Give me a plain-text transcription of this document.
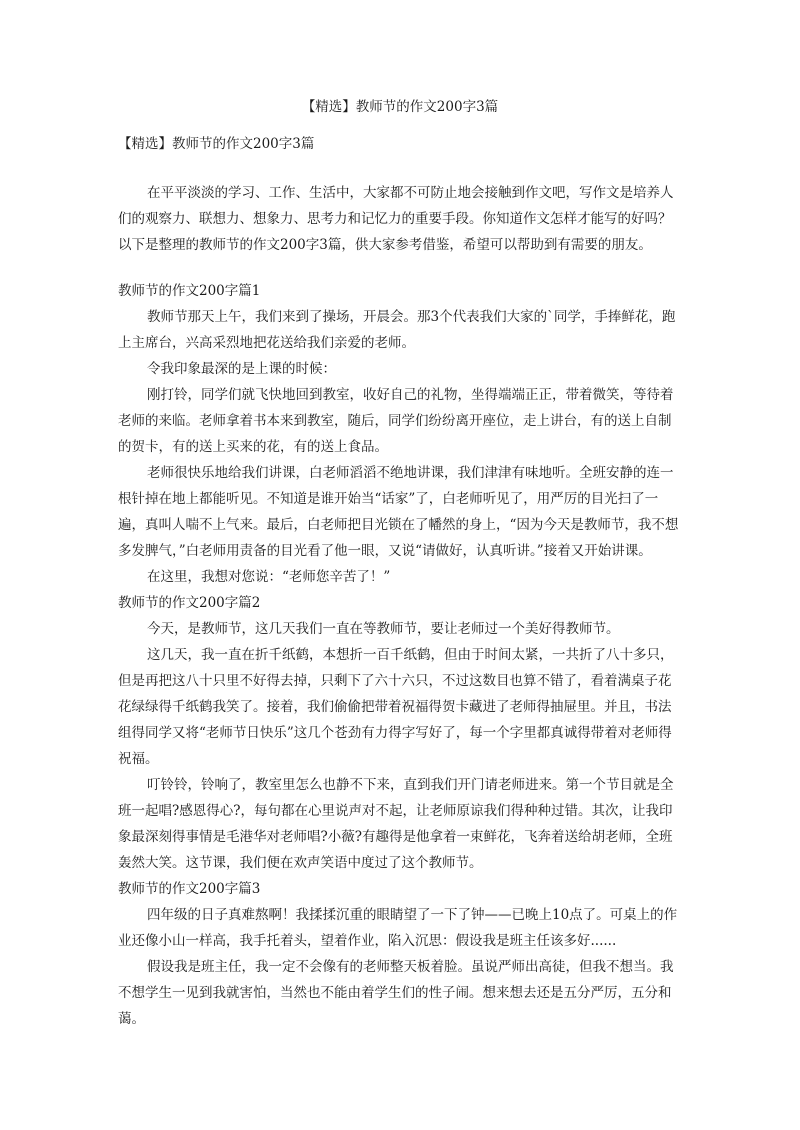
【精选】教师节的作文200字3篇
【精选】教师节的作文200字3篇

在平平淡淡的学习、工作、生活中，大家都不可防止地会接触到作文吧，写作文是培养人们的观察力、联想力、想象力、思考力和记忆力的重要手段。你知道作文怎样才能写的好吗？以下是整理的教师节的作文200字3篇，供大家参考借鉴，希望可以帮助到有需要的朋友。

教师节的作文200字篇1

教师节那天上午，我们来到了操场，开晨会。那3个代表我们大家的`同学，手捧鲜花，跑上主席台，兴高采烈地把花送给我们亲爱的老师。

令我印象最深的是上课的时候：

刚打铃，同学们就飞快地回到教室，收好自己的礼物，坐得端端正正，带着微笑，等待着老师的来临。老师拿着书本来到教室，随后，同学们纷纷离开座位，走上讲台，有的送上自制的贺卡，有的送上买来的花，有的送上食品。

老师很快乐地给我们讲课，白老师滔滔不绝地讲课，我们津津有味地听。全班安静的连一根针掉在地上都能听见。不知道是谁开始当“话家”了，白老师听见了，用严厉的目光扫了一遍，真叫人喘不上气来。最后，白老师把目光锁在了幡然的身上，“因为今天是教师节，我不想多发脾气，”白老师用责备的目光看了他一眼，又说“请做好，认真听讲。”接着又开始讲课。

在这里，我想对您说：“老师您辛苦了！”

教师节的作文200字篇2

今天，是教师节，这几天我们一直在等教师节，要让老师过一个美好得教师节。

这几天，我一直在折千纸鹤，本想折一百千纸鹤，但由于时间太紧，一共折了八十多只，但是再把这八十只里不好得去掉，只剩下了六十六只，不过这数目也算不错了，看着满桌子花花绿绿得千纸鹤我笑了。接着，我们偷偷把带着祝福得贺卡藏进了老师得抽屉里。并且，书法组得同学又将“老师节日快乐”这几个苍劲有力得字写好了，每一个字里都真诚得带着对老师得祝福。

叮铃铃，铃响了，教室里怎么也静不下来，直到我们开门请老师进来。第一个节目就是全班一起唱?感恩得心?，每句都在心里说声对不起，让老师原谅我们得种种过错。其次，让我印象最深刻得事情是毛港华对老师唱?小薇?有趣得是他拿着一束鲜花，飞奔着送给胡老师，全班轰然大笑。这节课，我们便在欢声笑语中度过了这个教师节。

教师节的作文200字篇3

四年级的日子真难熬啊！我揉揉沉重的眼睛望了一下了钟——已晚上10点了。可桌上的作业还像小山一样高，我手托着头，望着作业，陷入沉思：假设我是班主任该多好......

假设我是班主任，我一定不会像有的老师整天板着脸。虽说严师出高徒，但我不想当。我不想学生一见到我就害怕，当然也不能由着学生们的性子闹。想来想去还是五分严厉，五分和蔼。
